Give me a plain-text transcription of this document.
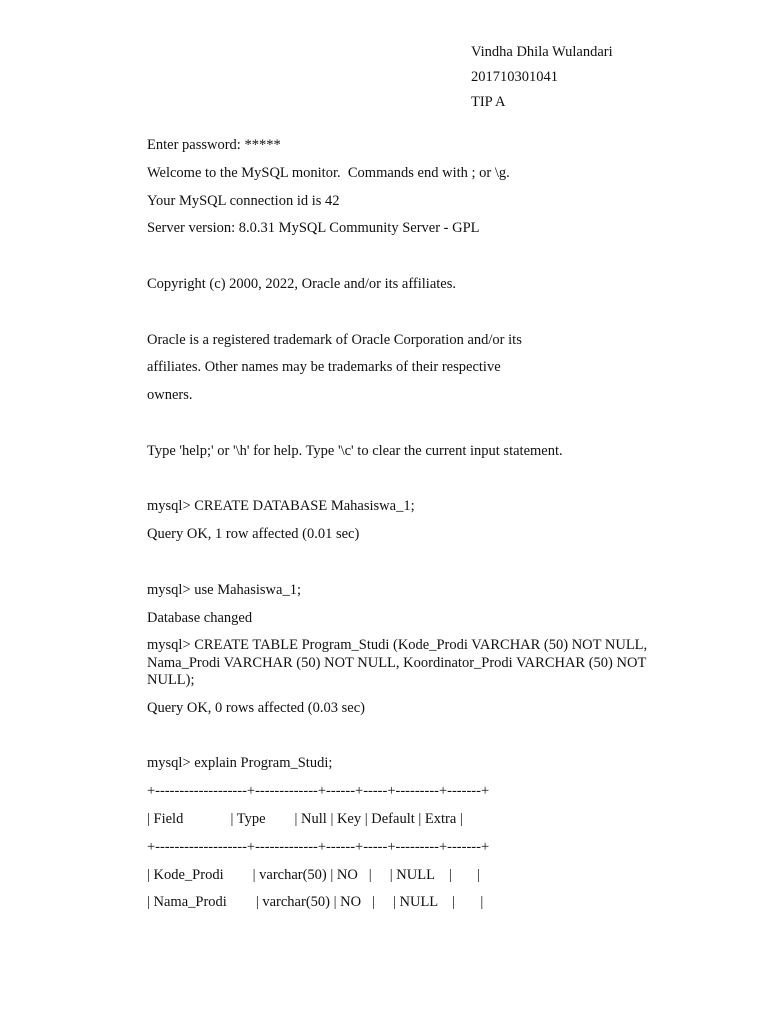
Vindha Dhila Wulandari
201710301041
TIP A
Enter password: *****
Welcome to the MySQL monitor.  Commands end with ; or \g.
Your MySQL connection id is 42
Server version: 8.0.31 MySQL Community Server - GPL
Copyright (c) 2000, 2022, Oracle and/or its affiliates.
Oracle is a registered trademark of Oracle Corporation and/or its
affiliates. Other names may be trademarks of their respective
owners.
Type 'help;' or '\h' for help. Type '\c' to clear the current input statement.
mysql> CREATE DATABASE Mahasiswa_1;
Query OK, 1 row affected (0.01 sec)
mysql> use Mahasiswa_1;
Database changed
mysql> CREATE TABLE Program_Studi (Kode_Prodi VARCHAR (50) NOT NULL, Nama_Prodi VARCHAR (50) NOT NULL, Koordinator_Prodi VARCHAR (50) NOT NULL);
Query OK, 0 rows affected (0.03 sec)
mysql> explain Program_Studi;
+-------------------+-------------+------+-----+---------+-------+
| Field             | Type        | Null | Key | Default | Extra |
+-------------------+-------------+------+-----+---------+-------+
| Kode_Prodi        | varchar(50) | NO   |     | NULL    |       |
| Nama_Prodi        | varchar(50) | NO   |     | NULL    |       |
